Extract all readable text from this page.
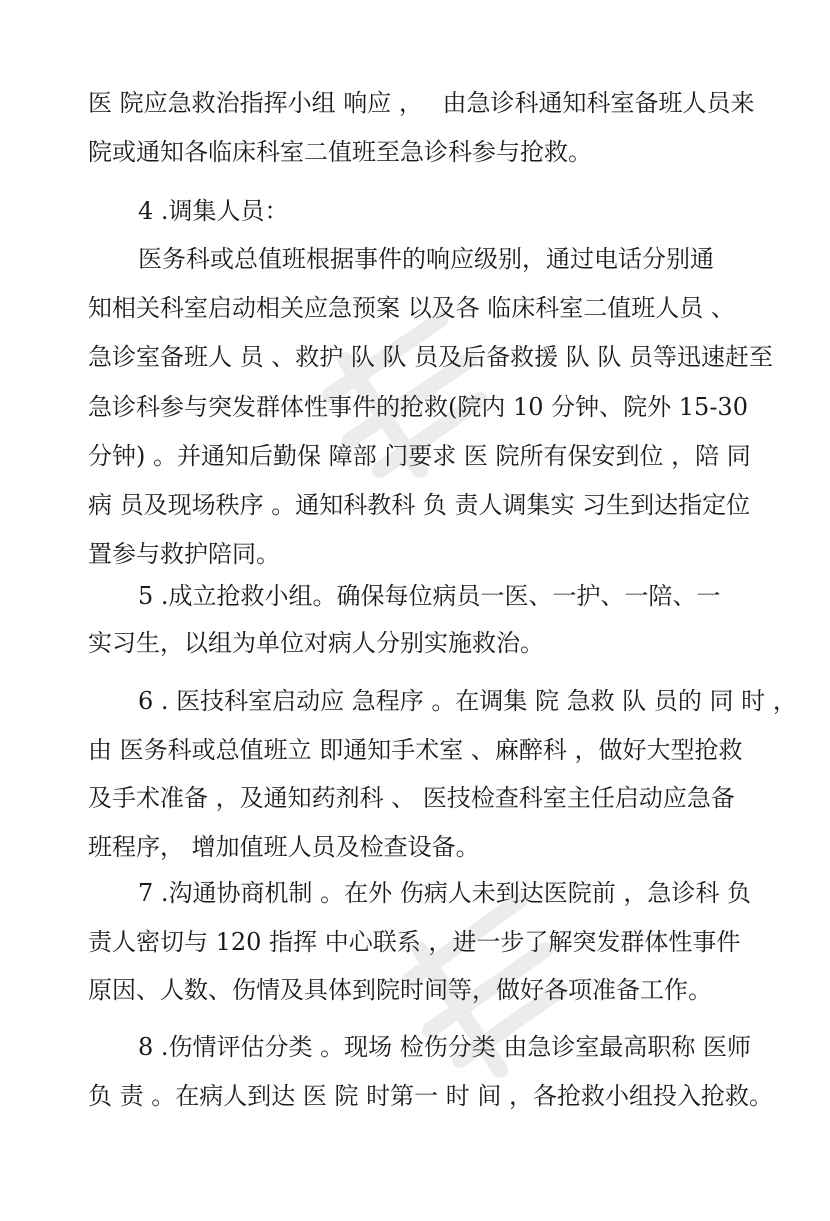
医 院应急救治指挥小组 响应 ，　 由急诊科通知科室备班人员来
院或通知各临床科室二值班至急诊科参与抢救。
4 .调集人员：
医务科或总值班根据事件的响应级别，通过电话分别通
知相关科室启动相关应急预案 以及各 临床科室二值班人员 、
急诊室备班人 员 、救护 队 队 员及后备救援 队 队 员等迅速赶至
急诊科参与突发群体性事件的抢救(院内 10 分钟、院外 15-30
分钟) 。并通知后勤保 障部 门要求 医 院所有保安到位 ，陪 同
病 员及现场秩序 。通知科教科 负 责人调集实 习生到达指定位
置参与救护陪同。
5 .成立抢救小组。确保每位病员一医、一护、一陪、一
实习生，以组为单位对病人分别实施救治。
6 . 医技科室启动应 急程序 。在调集 院 急救 队 员的 同 时 ，
由 医务科或总值班立 即通知手术室 、麻醉科 ，做好大型抢救
及手术准备 ，及通知药剂科 、 医技检查科室主任启动应急备
班程序， 增加值班人员及检查设备。
7 .沟通协商机制 。在外 伤病人未到达医院前 ，急诊科 负
责人密切与 120 指挥 中心联系 ，进一步了解突发群体性事件
原因、人数、伤情及具体到院时间等，做好各项准备工作。
8 .伤情评估分类 。现场 检伤分类 由急诊室最高职称 医师
负 责 。在病人到达 医 院 时第一 时 间 ，各抢救小组投入抢救。
